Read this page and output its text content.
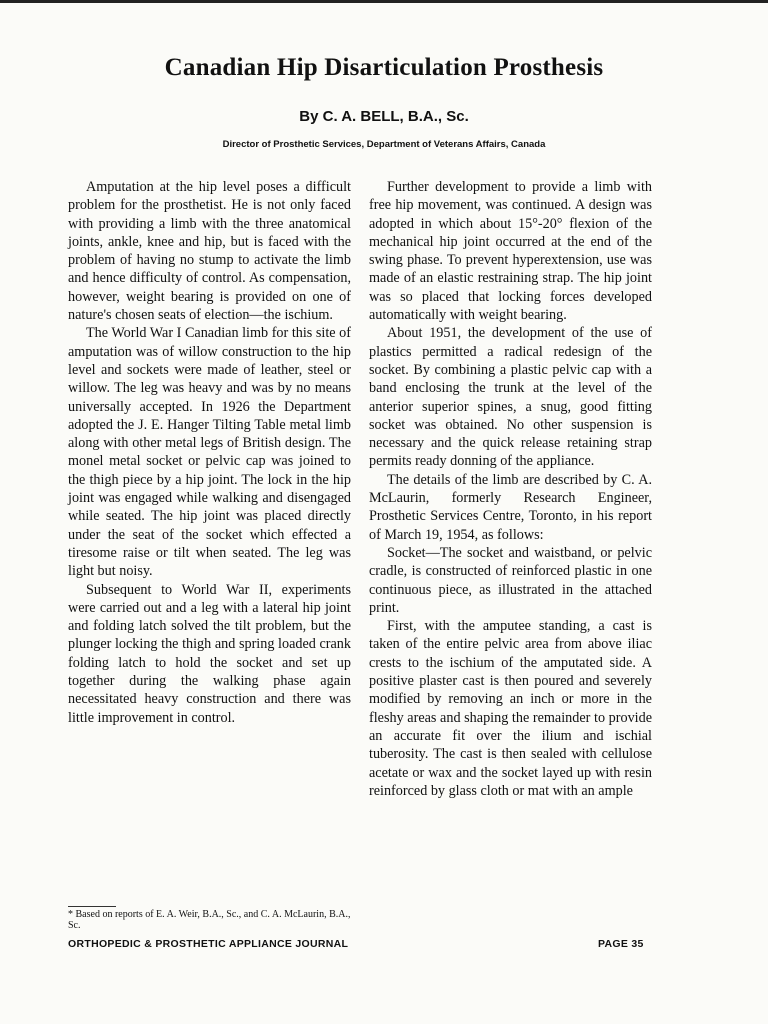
Canadian Hip Disarticulation Prosthesis
By C. A. BELL, B.A., Sc.
Director of Prosthetic Services, Department of Veterans Affairs, Canada

Amputation at the hip level poses a difficult problem for the prosthetist. He is not only faced with providing a limb with the three anatomical joints, ankle, knee and hip, but is faced with the problem of having no stump to activate the limb and hence difficulty of control. As compensation, however, weight bearing is provided on one of nature's chosen seats of election—the ischium.

The World War I Canadian limb for this site of amputation was of willow construction to the hip level and sockets were made of leather, steel or willow. The leg was heavy and was by no means universally accepted. In 1926 the Department adopted the J. E. Hanger Tilting Table metal limb along with other metal legs of British design. The monel metal socket or pelvic cap was joined to the thigh piece by a hip joint. The lock in the hip joint was engaged while walking and disengaged while seated. The hip joint was placed directly under the seat of the socket which effected a tiresome raise or tilt when seated. The leg was light but noisy.

Subsequent to World War II, experiments were carried out and a leg with a lateral hip joint and folding latch solved the tilt problem, but the plunger locking the thigh and spring loaded crank folding latch to hold the socket and set up together during the walking phase again necessitated heavy construction and there was little improvement in control.

Further development to provide a limb with free hip movement, was continued. A design was adopted in which about 15°-20° flexion of the mechanical hip joint occurred at the end of the swing phase. To prevent hyperextension, use was made of an elastic restraining strap. The hip joint was so placed that locking forces developed automatically with weight bearing.

About 1951, the development of the use of plastics permitted a radical redesign of the socket. By combining a plastic pelvic cap with a band enclosing the trunk at the level of the anterior superior spines, a snug, good fitting socket was obtained. No other suspension is necessary and the quick release retaining strap permits ready donning of the appliance.

The details of the limb are described by C. A. McLaurin, formerly Research Engineer, Prosthetic Services Centre, Toronto, in his report of March 19, 1954, as follows:

Socket—The socket and waistband, or pelvic cradle, is constructed of reinforced plastic in one continuous piece, as illustrated in the attached print.

First, with the amputee standing, a cast is taken of the entire pelvic area from above iliac crests to the ischium of the amputated side. A positive plaster cast is then poured and severely modified by removing an inch or more in the fleshy areas and shaping the remainder to provide an accurate fit over the ilium and ischial tuberosity. The cast is then sealed with cellulose acetate or wax and the socket layed up with resin reinforced by glass cloth or mat with an ample

* Based on reports of E. A. Weir, B.A., Sc., and C. A. McLaurin, B.A., Sc.
ORTHOPEDIC & PROSTHETIC APPLIANCE JOURNAL	PAGE 35
